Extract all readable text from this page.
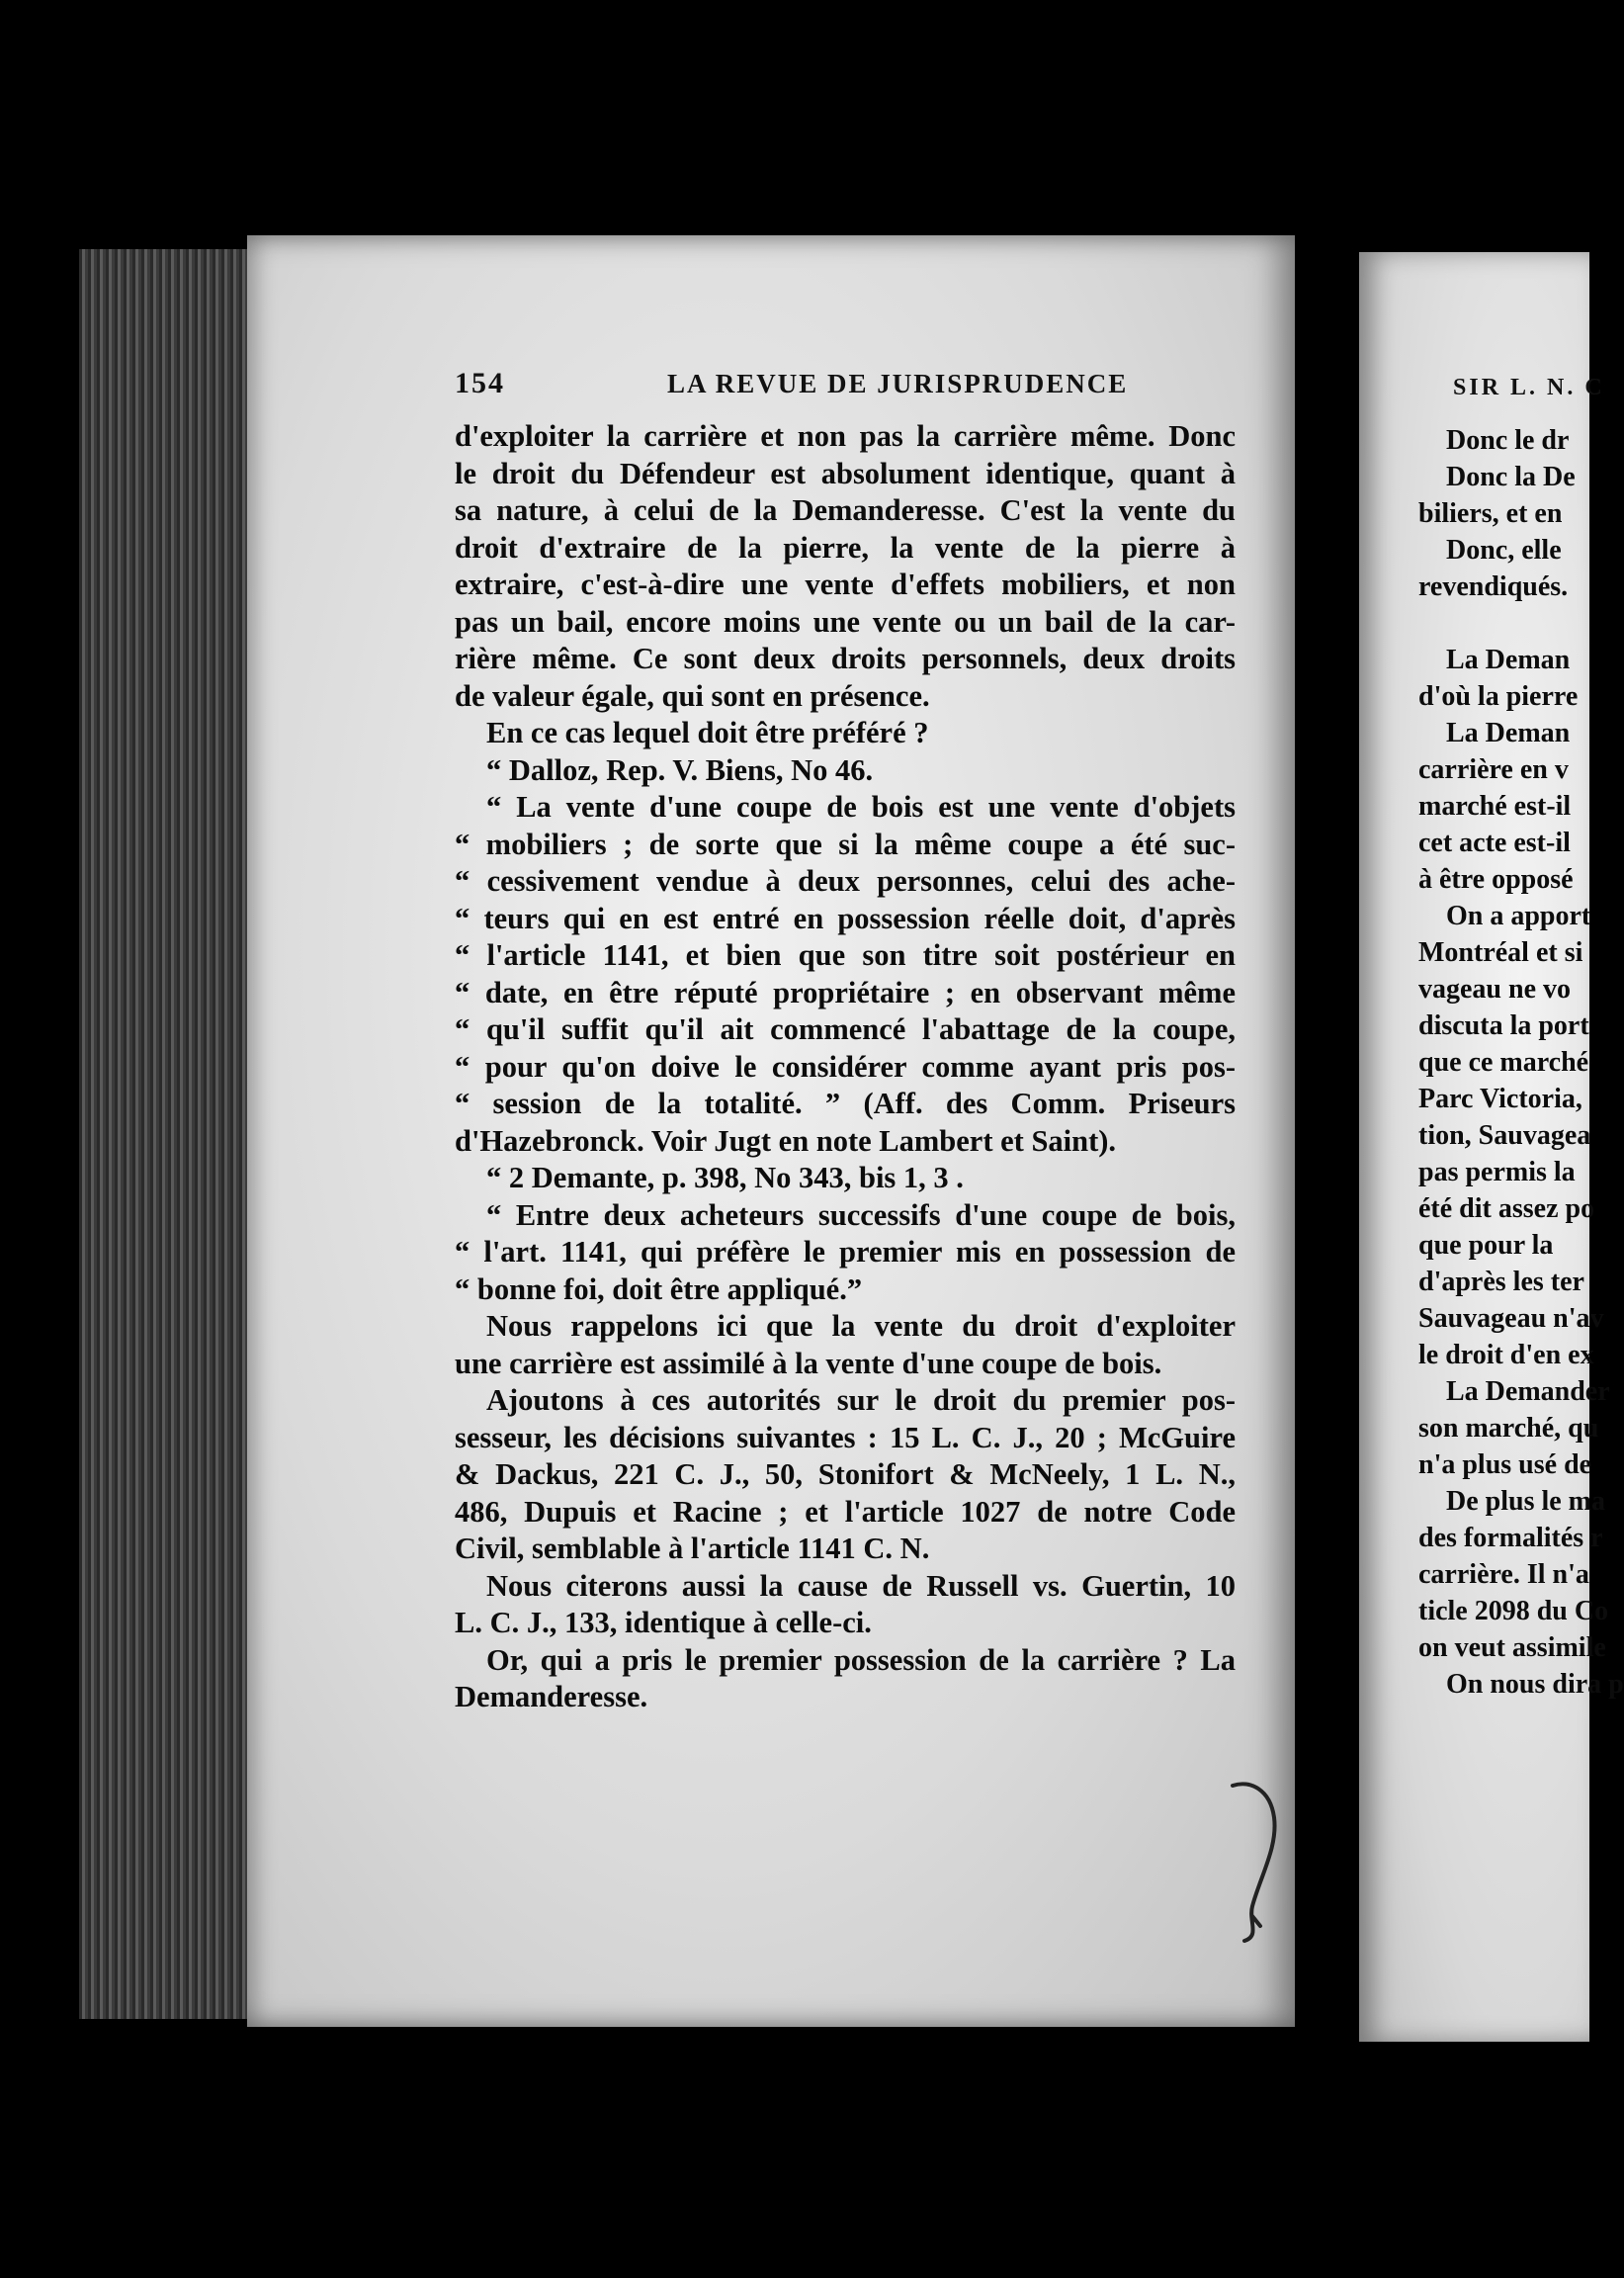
154	LA REVUE DE JURISPRUDENCE
d'exploiter la carrière et non pas la carrière même. Donc
le droit du Défendeur est absolument identique, quant à
sa nature, à celui de la Demanderesse. C'est la vente du
droit d'extraire de la pierre, la vente de la pierre à
extraire, c'est-à-dire une vente d'effets mobiliers, et non
pas un bail, encore moins une vente ou un bail de la car-
rière même. Ce sont deux droits personnels, deux droits
de valeur égale, qui sont en présence.
En ce cas lequel doit être préféré ?
“ Dalloz, Rep. V. Biens, No 46.
“ La vente d'une coupe de bois est une vente d'objets
“ mobiliers ; de sorte que si la même coupe a été suc-
“ cessivement vendue à deux personnes, celui des ache-
“ teurs qui en est entré en possession réelle doit, d'après
“ l'article 1141, et bien que son titre soit postérieur en
“ date, en être réputé propriétaire ; en observant même
“ qu'il suffit qu'il ait commencé l'abattage de la coupe,
“ pour qu'on doive le considérer comme ayant pris pos-
“ session de la totalité. ” (Aff. des Comm. Priseurs
d'Hazebronck. Voir Jugt en note Lambert et Saint).
“ 2 Demante, p. 398, No 343, bis 1, 3 .
“ Entre deux acheteurs successifs d'une coupe de bois,
“ l'art. 1141, qui préfère le premier mis en possession de
“ bonne foi, doit être appliqué.”
Nous rappelons ici que la vente du droit d'exploiter
une carrière est assimilé à la vente d'une coupe de bois.
Ajoutons à ces autorités sur le droit du premier pos-
sesseur, les décisions suivantes : 15 L. C. J., 20 ; McGuire
& Dackus, 221 C. J., 50, Stonifort & McNeely, 1 L. N.,
486, Dupuis et Racine ; et l'article 1027 de notre Code
Civil, semblable à l'article 1141 C. N.
Nous citerons aussi la cause de Russell vs. Guertin, 10
L. C. J., 133, identique à celle-ci.
Or, qui a pris le premier possession de la carrière ? La
Demanderesse.
SIR L. N. C
Donc le dr
Donc la De
biliers, et en
Donc, elle
revendiqués.
La Deman
d'où la pierre
La Deman
carrière en v
marché est-il
cet acte est-il
à être opposé
On a apport
Montréal et si
vageau ne vo
discuta la port
que ce marché
Parc Victoria,
tion, Sauvagea
pas permis la
été dit assez po
que pour la
d'après les ter
Sauvageau n'av
le droit d'en ex
La Demander
son marché, qu
n'a plus usé de
De plus le ma
des formalités r
carrière. Il n'a
ticle 2098 du Co
on veut assimile
On nous dira p
